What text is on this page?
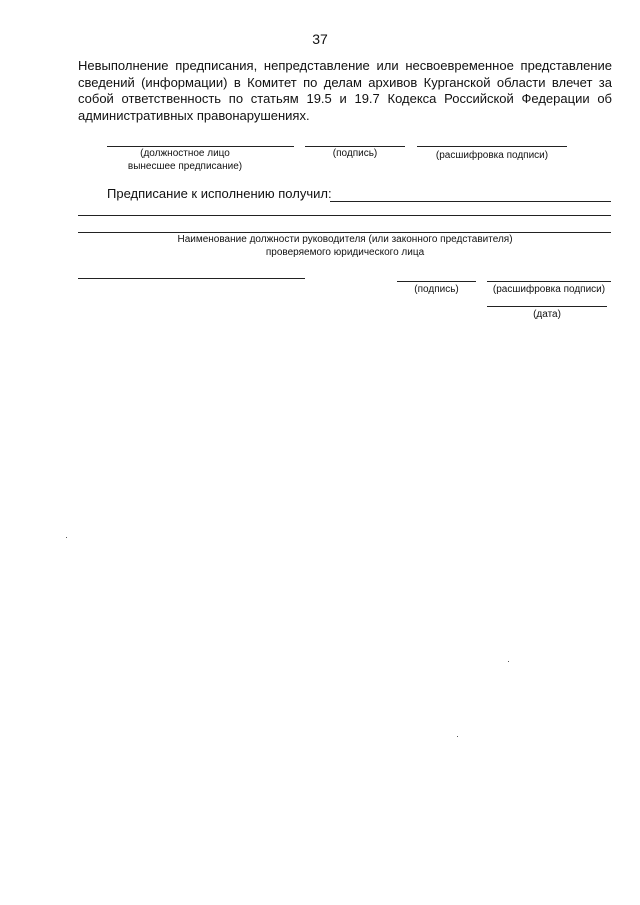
37
Невыполнение предписания, непредставление или несвоевременное представление сведений (информации) в Комитет по делам архивов Курганской области влечет за собой ответственность по статьям 19.5 и 19.7 Кодекса Российской Федерации об административных правонарушениях.
(должностное лицо вынесшее предписание)
(подпись)	(расшифровка подписи)
Предписание к исполнению получил:
Наименование должности руководителя (или законного представителя) проверяемого юридического лица
(подпись)	(расшифровка подписи)
(дата)
